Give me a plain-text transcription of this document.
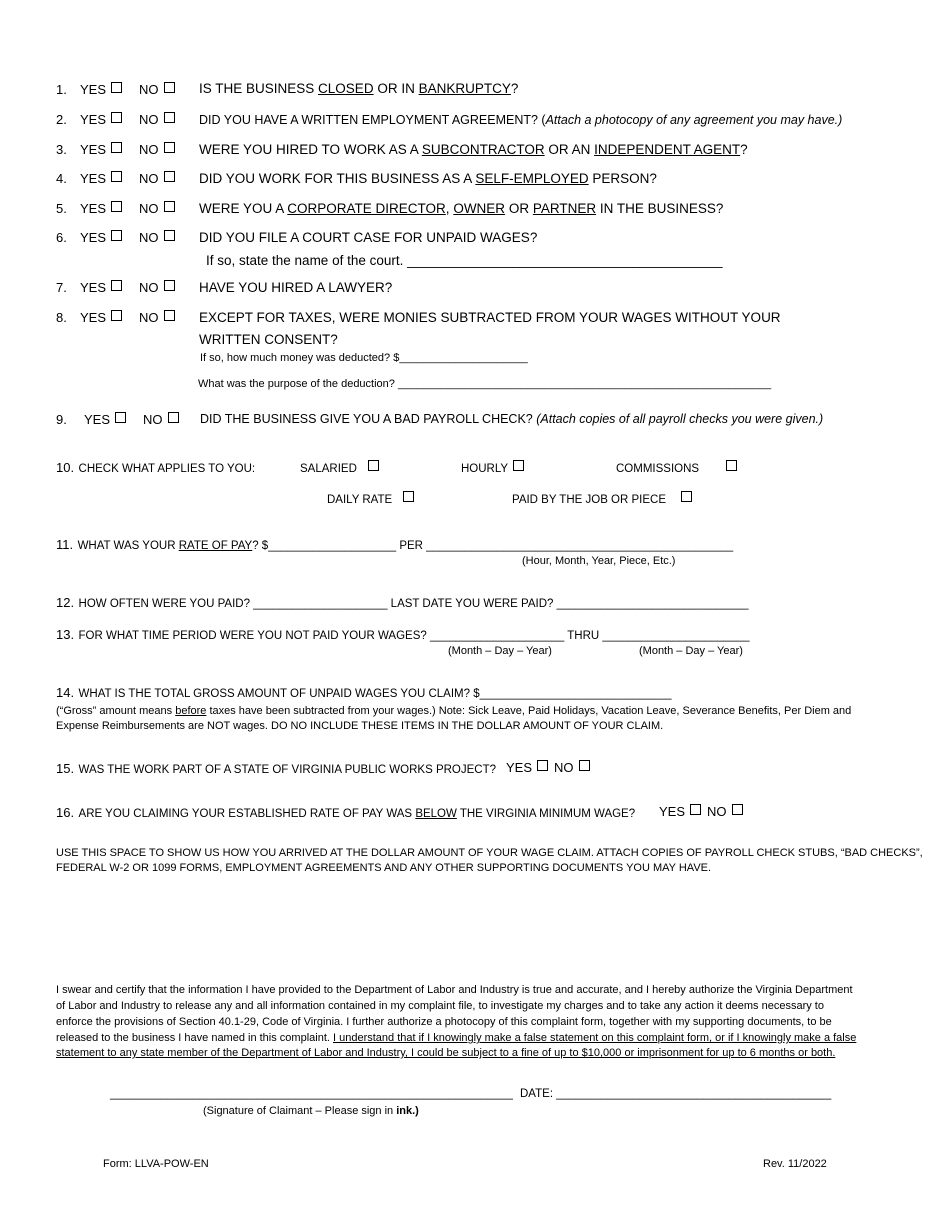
1. YES	NO	IS THE BUSINESS CLOSED OR IN BANKRUPTCY?
2. YES	NO	DID YOU HAVE A WRITTEN EMPLOYMENT AGREEMENT? (Attach a photocopy of any agreement you may have.)
3. YES	NO	WERE YOU HIRED TO WORK AS A SUBCONTRACTOR OR AN INDEPENDENT AGENT?
4. YES	NO	DID YOU WORK FOR THIS BUSINESS AS A SELF-EMPLOYED PERSON?
5. YES	NO	WERE YOU A CORPORATE DIRECTOR, OWNER OR PARTNER IN THE BUSINESS?
6. YES	NO	DID YOU FILE A COURT CASE FOR UNPAID WAGES?
If so, state the name of the court. __________________________________________
7. YES	NO	HAVE YOU HIRED A LAWYER?
8. YES	NO	EXCEPT FOR TAXES, WERE MONIES SUBTRACTED FROM YOUR WAGES WITHOUT YOUR
WRITTEN CONSENT?
If so, how much money was deducted? $_____________________
What was the purpose of the deduction? _____________________________________________________________
9. YES	NO	DID THE BUSINESS GIVE YOU A BAD PAYROLL CHECK? (Attach copies of all payroll checks you were given.)
10. CHECK WHAT APPLIES TO YOU:	SALARIED	HOURLY	COMMISSIONS
DAILY RATE	PAID BY THE JOB OR PIECE
11. WHAT WAS YOUR RATE OF PAY? $____________________ PER ________________________________________________
(Hour, Month, Year, Piece, Etc.)
12. HOW OFTEN WERE YOU PAID? _____________________ LAST DATE YOU WERE PAID? ______________________________
13. FOR WHAT TIME PERIOD WERE YOU NOT PAID YOUR WAGES? _____________________ THRU _______________________
(Month – Day – Year)	(Month – Day – Year)
14. WHAT IS THE TOTAL GROSS AMOUNT OF UNPAID WAGES YOU CLAIM? $______________________________
(“Gross” amount means before taxes have been subtracted from your wages.) Note: Sick Leave, Paid Holidays, Vacation Leave, Severance Benefits, Per Diem and
Expense Reimbursements are NOT wages. DO NO INCLUDE THESE ITEMS IN THE DOLLAR AMOUNT OF YOUR CLAIM.
15. WAS THE WORK PART OF A STATE OF VIRGINIA PUBLIC WORKS PROJECT? YES	NO
16. ARE YOU CLAIMING YOUR ESTABLISHED RATE OF PAY WAS BELOW THE VIRGINIA MINIMUM WAGE? YES	NO
USE THIS SPACE TO SHOW US HOW YOU ARRIVED AT THE DOLLAR AMOUNT OF YOUR WAGE CLAIM. ATTACH COPIES OF PAYROLL CHECK STUBS, “BAD CHECKS”,
FEDERAL W-2 OR 1099 FORMS, EMPLOYMENT AGREEMENTS AND ANY OTHER SUPPORTING DOCUMENTS YOU MAY HAVE.
I swear and certify that the information I have provided to the Department of Labor and Industry is true and accurate, and I hereby authorize the Virginia Department
of Labor and Industry to release any and all information contained in my complaint file, to investigate my charges and to take any action it deems necessary to
enforce the provisions of Section 40.1-29, Code of Virginia. I further authorize a photocopy of this complaint form, together with my supporting documents, to be
released to the business I have named in this complaint. I understand that if I knowingly make a false statement on this complaint form, or if I knowingly make a false
statement to any state member of the Department of Labor and Industry, I could be subject to a fine of up to $10,000 or imprisonment for up to 6 months or both.
_______________________________________________________________ DATE: ___________________________________________
(Signature of Claimant – Please sign in ink.)
Form: LLVA-POW-EN	Rev. 11/2022
